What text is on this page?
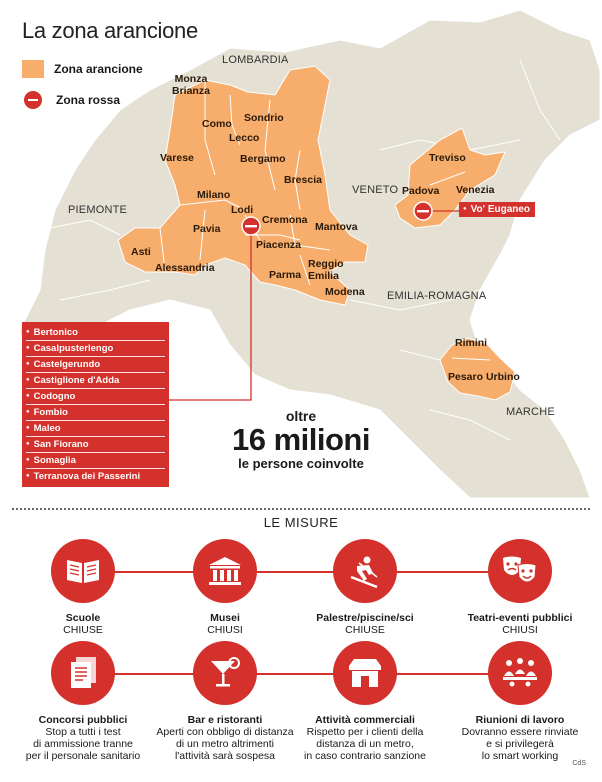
La zona arancione
Zona arancione
Zona rossa
LOMBARDIA
PIEMONTE
VENETO
EMILIA-ROMAGNA
MARCHE
Monza
Brianza
Sondrio
Como
Lecco
Varese	Bergamo
Brescia
Milano
Lodi
Cremona
Pavia	Mantova
Asti
Alessandria
Piacenza
Parma
Reggio
Emilia
Modena
Treviso
Padova Venezia
Rimini
Pesaro Urbino
● Bertonico
● Casalpusterlengo
● Castelgerundo
● Castiglione d'Adda
● Codogno
● Fombio
● Maleo
● San Fiorano
● Somaglia
● Terranova dei Passerini
● Vo' Euganeo
oltre
16 milioni
le persone coinvolte
LE MISURE
Scuole
CHIUSE
Musei
CHIUSI
Palestre/piscine/sci
CHIUSE
Teatri-eventi pubblici
CHIUSI
Concorsi pubblici
Stop a tutti i test
di ammissione tranne
per il personale sanitario
Bar e ristoranti
Aperti con obbligo di distanza
di un metro altrimenti
l'attività sarà sospesa
Attività commerciali
Rispetto per i clienti della
distanza di un metro,
in caso contrario sanzione
Riunioni di lavoro
Dovranno essere rinviate
e si privilegerà
lo smart working
CdS
